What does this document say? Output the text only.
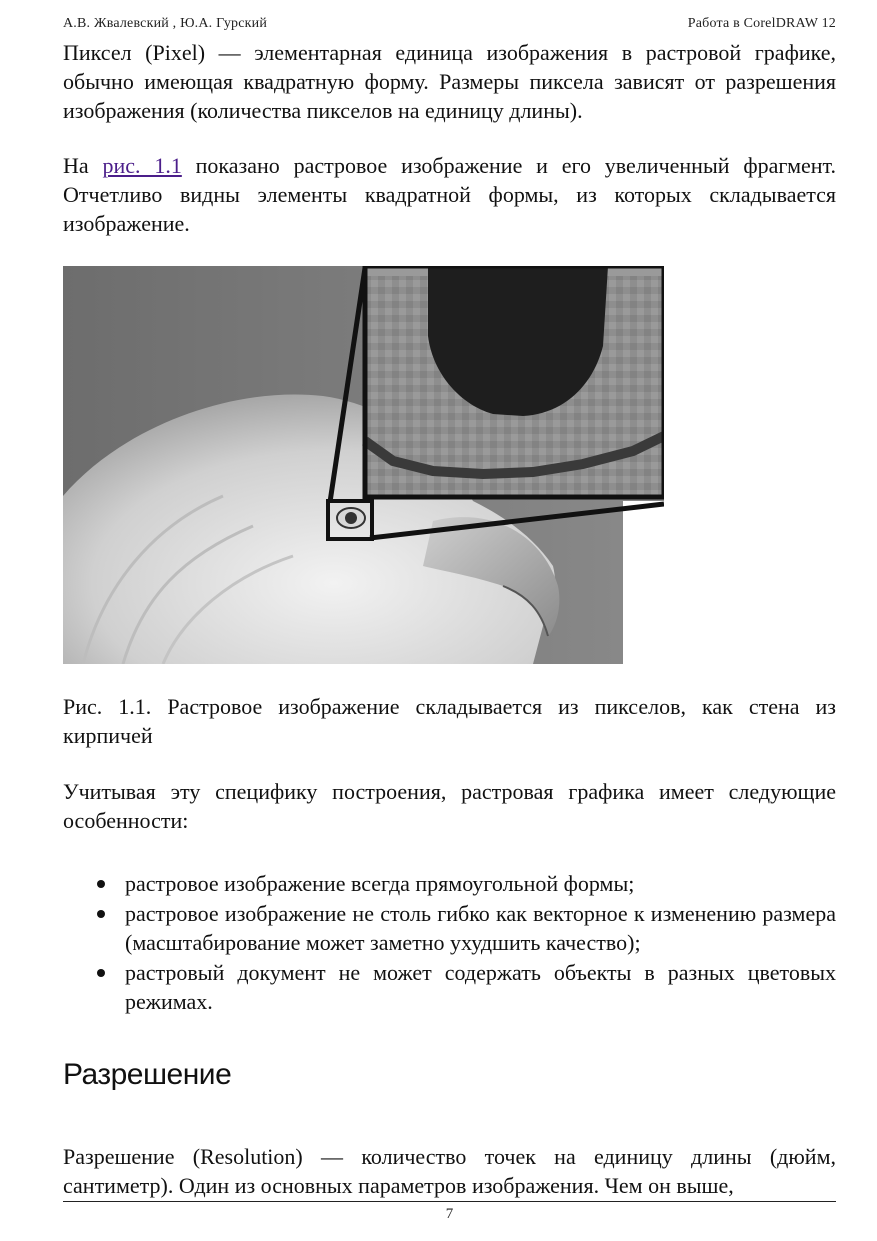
А.В. Жвалевский , Ю.А. Гурский	Работа в CorelDRAW 12

Пиксел (Pixel) — элементарная единица изображения в растровой графике, обычно имеющая квадратную форму. Размеры пиксела зависят от разрешения изображения (количества пикселов на единицу длины).

На рис. 1.1 показано растровое изображение и его увеличенный фрагмент. Отчетливо видны элементы квадратной формы, из которых складывается изображение.

Рис. 1.1. Растровое изображение складывается из пикселов, как стена из кирпичей

Учитывая эту специфику построения, растровая графика имеет следующие особенности:

растровое изображение всегда прямоугольной формы;
растровое изображение не столь гибко как векторное к изменению размера (масштабирование может заметно ухудшить качество);
растровый документ не может содержать объекты в разных цветовых режимах.
Разрешение

Разрешение (Resolution) — количество точек на единицу длины (дюйм, сантиметр). Один из основных параметров изображения. Чем он выше,

7
